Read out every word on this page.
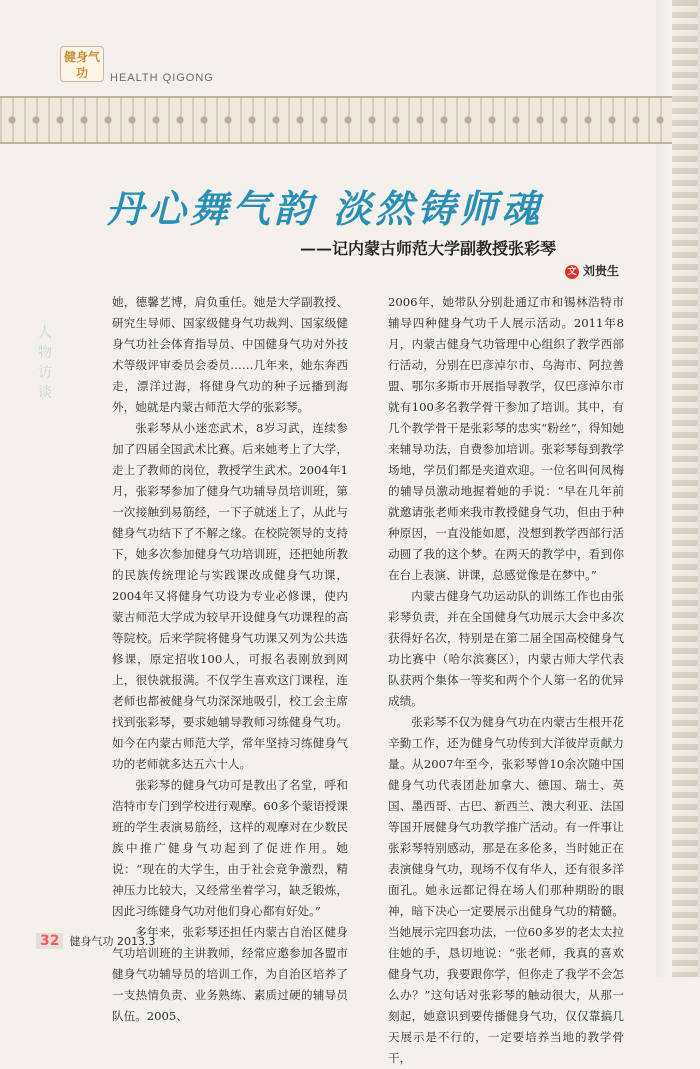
健身气功	HEALTH QIGONG
丹心舞气韵 淡然铸师魂
——记内蒙古师范大学副教授张彩琴
文 刘贵生
人物访谈

她，德馨艺博，肩负重任。她是大学副教授、研究生导师、国家级健身气功裁判、国家级健身气功社会体育指导员、中国健身气功对外技术等级评审委员会委员……几年来，她东奔西走，漂洋过海，将健身气功的种子远播到海外，她就是内蒙古师范大学的张彩琴。

张彩琴从小迷恋武术，8岁习武，连续参加了四届全国武术比赛。后来她考上了大学，走上了教师的岗位，教授学生武术。2004年1月，张彩琴参加了健身气功辅导员培训班，第一次接触到易筋经，一下子就迷上了，从此与健身气功结下了不解之缘。在校院领导的支持下，她多次参加健身气功培训班，还把她所教的民族传统理论与实践课改成健身气功课，2004年又将健身气功设为专业必修课，使内蒙古师范大学成为较早开设健身气功课程的高等院校。后来学院将健身气功课又列为公共选修课，原定招收100人，可报名表刚放到网上，很快就报满。不仅学生喜欢这门课程，连老师也都被健身气功深深地吸引，校工会主席找到张彩琴，要求她辅导教师习练健身气功。如今在内蒙古师范大学，常年坚持习练健身气功的老师就多达五六十人。

张彩琴的健身气功可是教出了名堂，呼和浩特市专门到学校进行观摩。60多个蒙语授课班的学生表演易筋经，这样的观摩对在少数民族中推广健身气功起到了促进作用。她说：“现在的大学生，由于社会竞争激烈，精神压力比较大，又经常坐着学习，缺乏锻炼，因此习练健身气功对他们身心都有好处。”

多年来，张彩琴还担任内蒙古自治区健身气功培训班的主讲教师，经常应邀参加各盟市健身气功辅导员的培训工作，为自治区培养了一支热情负责、业务熟练、素质过硬的辅导员队伍。2005、

2006年，她带队分别赴通辽市和锡林浩特市辅导四种健身气功千人展示活动。2011年8月，内蒙古健身气功管理中心组织了教学西部行活动，分别在巴彦淖尔市、乌海市、阿拉善盟、鄂尔多斯市开展指导教学，仅巴彦淖尔市就有100多名教学骨干参加了培训。其中，有几个教学骨干是张彩琴的忠实“粉丝”，得知她来辅导功法，自费参加培训。张彩琴每到教学场地，学员们都是夹道欢迎。一位名叫何凤梅的辅导员激动地握着她的手说：“早在几年前就邀请张老师来我市教授健身气功，但由于种种原因，一直没能如愿，没想到教学西部行活动圆了我的这个梦。在两天的教学中，看到你在台上表演、讲课，总感觉像是在梦中。”

内蒙古健身气功运动队的训练工作也由张彩琴负责，并在全国健身气功展示大会中多次获得好名次，特别是在第二届全国高校健身气功比赛中（哈尔滨赛区），内蒙古师大学代表队获两个集体一等奖和两个个人第一名的优异成绩。

张彩琴不仅为健身气功在内蒙古生根开花辛勤工作，还为健身气功传到大洋彼岸贡献力量。从2007年至今，张彩琴曾10余次随中国健身气功代表团赴加拿大、德国、瑞士、英国、墨西哥、古巴、新西兰、澳大利亚、法国等国开展健身气功教学推广活动。有一件事让张彩琴特别感动，那是在多伦多，当时她正在表演健身气功，现场不仅有华人，还有很多洋面孔。她永远都记得在场人们那种期盼的眼神，暗下决心一定要展示出健身气功的精髓。当她展示完四套功法，一位60多岁的老太太拉住她的手，恳切地说：“张老师，我真的喜欢健身气功，我要跟你学，但你走了我学不会怎么办？”这句话对张彩琴的触动很大，从那一刻起，她意识到要传播健身气功，仅仅靠搞几天展示是不行的，一定要培养当地的教学骨干，

32 健身气功 2013.3
